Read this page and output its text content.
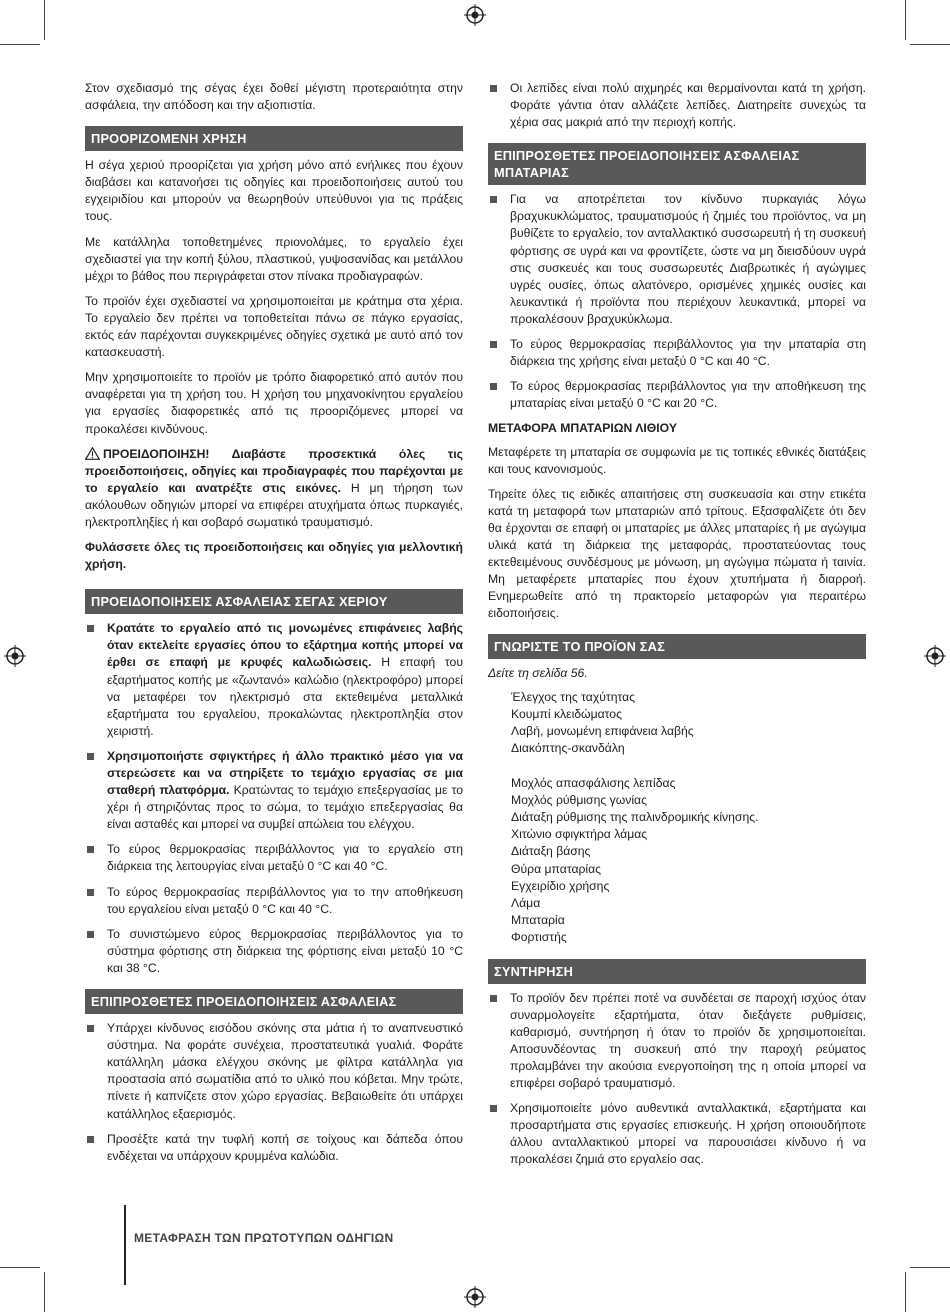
Στον σχεδιασμό της σέγας έχει δοθεί μέγιστη προτεραιότητα στην ασφάλεια, την απόδοση και την αξιοπιστία.

ΠΡΟΟΡΙΖΟΜΕΝΗ ΧΡΗΣΗ

Η σέγα χεριού προορίζεται για χρήση μόνο από ενήλικες που έχουν διαβάσει και κατανοήσει τις οδηγίες και προειδοποιήσεις αυτού του εγχειριδίου και μπορούν να θεωρηθούν υπεύθυνοι για τις πράξεις τους.

Με κατάλληλα τοποθετημένες πριονολάμες, το εργαλείο έχει σχεδιαστεί για την κοπή ξύλου, πλαστικού, γυψοσανίδας και μετάλλου μέχρι το βάθος που περιγράφεται στον πίνακα προδιαγραφών.

Το προϊόν έχει σχεδιαστεί να χρησιμοποιείται με κράτημα στα χέρια. Το εργαλείο δεν πρέπει να τοποθετείται πάνω σε πάγκο εργασίας, εκτός εάν παρέχονται συγκεκριμένες οδηγίες σχετικά με αυτό από τον κατασκευαστή.

Μην χρησιμοποιείτε το προϊόν με τρόπο διαφορετικό από αυτόν που αναφέρεται για τη χρήση του. Η χρήση του μηχανοκίνητου εργαλείου για εργασίες διαφορετικές από τις προοριζόμενες μπορεί να προκαλέσει κινδύνους.

ΠΡΟΕΙΔΟΠΟΙΗΣΗ! Διαβάστε προσεκτικά όλες τις προειδοποιήσεις, οδηγίες και προδιαγραφές που παρέχονται με το εργαλείο και ανατρέξτε στις εικόνες. Η μη τήρηση των ακόλουθων οδηγιών μπορεί να επιφέρει ατυχήματα όπως πυρκαγιές, ηλεκτροπληξίες ή και σοβαρό σωματικό τραυματισμό.

Φυλάσσετε όλες τις προειδοποιήσεις και οδηγίες για μελλοντική χρήση.

ΠΡΟΕΙΔΟΠΟΙΗΣΕΙΣ ΑΣΦΑΛΕΙΑΣ ΣΕΓΑΣ ΧΕΡΙΟΥ
Κρατάτε το εργαλείο από τις μονωμένες επιφάνειες λαβής όταν εκτελείτε εργασίες όπου το εξάρτημα κοπής μπορεί να έρθει σε επαφή με κρυφές καλωδιώσεις. Η επαφή του εξαρτήματος κοπής με «ζωντανό» καλώδιο (ηλεκτροφόρο) μπορεί να μεταφέρει τον ηλεκτρισμό στα εκτεθειμένα μεταλλικά εξαρτήματα του εργαλείου, προκαλώντας ηλεκτροπληξία στον χειριστή.
Χρησιμοποιήστε σφιγκτήρες ή άλλο πρακτικό μέσο για να στερεώσετε και να στηρίξετε το τεμάχιο εργασίας σε μια σταθερή πλατφόρμα. Κρατώντας το τεμάχιο επεξεργασίας με το χέρι ή στηριζόντας προς το σώμα, το τεμάχιο επεξεργασίας θα είναι ασταθές και μπορεί να συμβεί απώλεια του ελέγχου.
Το εύρος θερμοκρασίας περιβάλλοντος για το εργαλείο στη διάρκεια της λειτουργίας είναι μεταξύ 0 °C και 40 °C.
Το εύρος θερμοκρασίας περιβάλλοντος για το την αποθήκευση του εργαλείου είναι μεταξύ 0 °C και 40 °C.
Το συνιστώμενο εύρος θερμοκρασίας περιβάλλοντος για το σύστημα φόρτισης στη διάρκεια της φόρτισης είναι μεταξύ 10 °C και 38 °C.
ΕΠΙΠΡΟΣΘΕΤΕΣ ΠΡΟΕΙΔΟΠΟΙΗΣΕΙΣ ΑΣΦΑΛΕΙΑΣ
Υπάρχει κίνδυνος εισόδου σκόνης στα μάτια ή το αναπνευστικό σύστημα. Να φοράτε συνέχεια, προστατευτικά γυαλιά. Φοράτε κατάλληλη μάσκα ελέγχου σκόνης με φίλτρα κατάλληλα για προστασία από σωματίδια από το υλικό που κόβεται. Μην τρώτε, πίνετε ή καπνίζετε στον χώρο εργασίας. Βεβαιωθείτε ότι υπάρχει κατάλληλος εξαερισμός.
Προσέξτε κατά την τυφλή κοπή σε τοίχους και δάπεδα όπου ενδέχεται να υπάρχουν κρυμμένα καλώδια.
Οι λεπίδες είναι πολύ αιχμηρές και θερμαίνονται κατά τη χρήση. Φοράτε γάντια όταν αλλάζετε λεπίδες. Διατηρείτε συνεχώς τα χέρια σας μακριά από την περιοχή κοπής.
ΕΠΙΠΡΟΣΘΕΤΕΣ ΠΡΟΕΙΔΟΠΟΙΗΣΕΙΣ ΑΣΦΑΛΕΙΑΣ ΜΠΑΤΑΡΙΑΣ
Για να αποτρέπεται τον κίνδυνο πυρκαγιάς λόγω βραχυκυκλώματος, τραυματισμούς ή ζημιές του προϊόντος, να μη βυθίζετε το εργαλείο, τον ανταλλακτικό συσσωρευτή ή τη συσκευή φόρτισης σε υγρά και να φροντίζετε, ώστε να μη διεισδύουν υγρά στις συσκευές και τους συσσωρευτές Διαβρωτικές ή αγώγιμες υγρές ουσίες, όπως αλατόνερο, ορισμένες χημικές ουσίες και λευκαντικά ή προϊόντα που περιέχουν λευκαντικά, μπορεί να προκαλέσουν βραχυκύκλωμα.
Το εύρος θερμοκρασίας περιβάλλοντος για την μπαταρία στη διάρκεια της χρήσης είναι μεταξύ 0 °C και 40 °C.
Το εύρος θερμοκρασίας περιβάλλοντος για την αποθήκευση της μπαταρίας είναι μεταξύ 0 °C και 20 °C.
ΜΕΤΑΦΟΡΑ ΜΠΑΤΑΡΙΩΝ ΛΙΘΙΟΥ

Μεταφέρετε τη μπαταρία σε συμφωνία με τις τοπικές εθνικές διατάξεις και τους κανονισμούς.

Τηρείτε όλες τις ειδικές απαιτήσεις στη συσκευασία και στην ετικέτα κατά τη μεταφορά των μπαταριών από τρίτους. Εξασφαλίζετε ότι δεν θα έρχονται σε επαφή οι μπαταρίες με άλλες μπαταρίες ή με αγώγιμα υλικά κατά τη διάρκεια της μεταφοράς, προστατεύοντας τους εκτεθειμένους συνδέσμους με μόνωση, μη αγώγιμα πώματα ή ταινία. Μη μεταφέρετε μπαταρίες που έχουν χτυπήματα ή διαρροή. Ενημερωθείτε από τη πρακτορείο μεταφορών για περαιτέρω ειδοποιήσεις.

ΓΝΩΡΙΣΤΕ ΤΟ ΠΡΟΪΟΝ ΣΑΣ
Δείτε τη σελίδα 56.
Έλεγχος της ταχύτητας
Κουμπί κλειδώματος
Λαβή, μονωμένη επιφάνεια λαβής
Διακόπτης-σκανδάλη
Μοχλός απασφάλισης λεπίδας
Μοχλός ρύθμισης γωνίας
Διάταξη ρύθμισης της παλινδρομικής κίνησης.
Χιτώνιο σφιγκτήρα λάμας
Διάταξη βάσης
Θύρα μπαταρίας
Εγχειρίδιο χρήσης
Λάμα
Μπαταρία
Φορτιστής
ΣΥΝΤΗΡΗΣΗ
Το προϊόν δεν πρέπει ποτέ να συνδέεται σε παροχή ισχύος όταν συναρμολογείτε εξαρτήματα, όταν διεξάγετε ρυθμίσεις, καθαρισμό, συντήρηση ή όταν το προϊόν δε χρησιμοποιείται. Αποσυνδέοντας τη συσκευή από την παροχή ρεύματος προλαμβάνει την ακούσια ενεργοποίηση της η οποία μπορεί να επιφέρει σοβαρό τραυματισμό.
Χρησιμοποιείτε μόνο αυθεντικά ανταλλακτικά, εξαρτήματα και προσαρτήματα στις εργασίες επισκευής. Η χρήση οποιουδήποτε άλλου ανταλλακτικού μπορεί να παρουσιάσει κίνδυνο ή να προκαλέσει ζημιά στο εργαλείο σας.
ΜΕΤΑΦΡΑΣΗ ΤΩΝ ΠΡΩΤΟΤΥΠΩΝ ΟΔΗΓΙΩΝ
